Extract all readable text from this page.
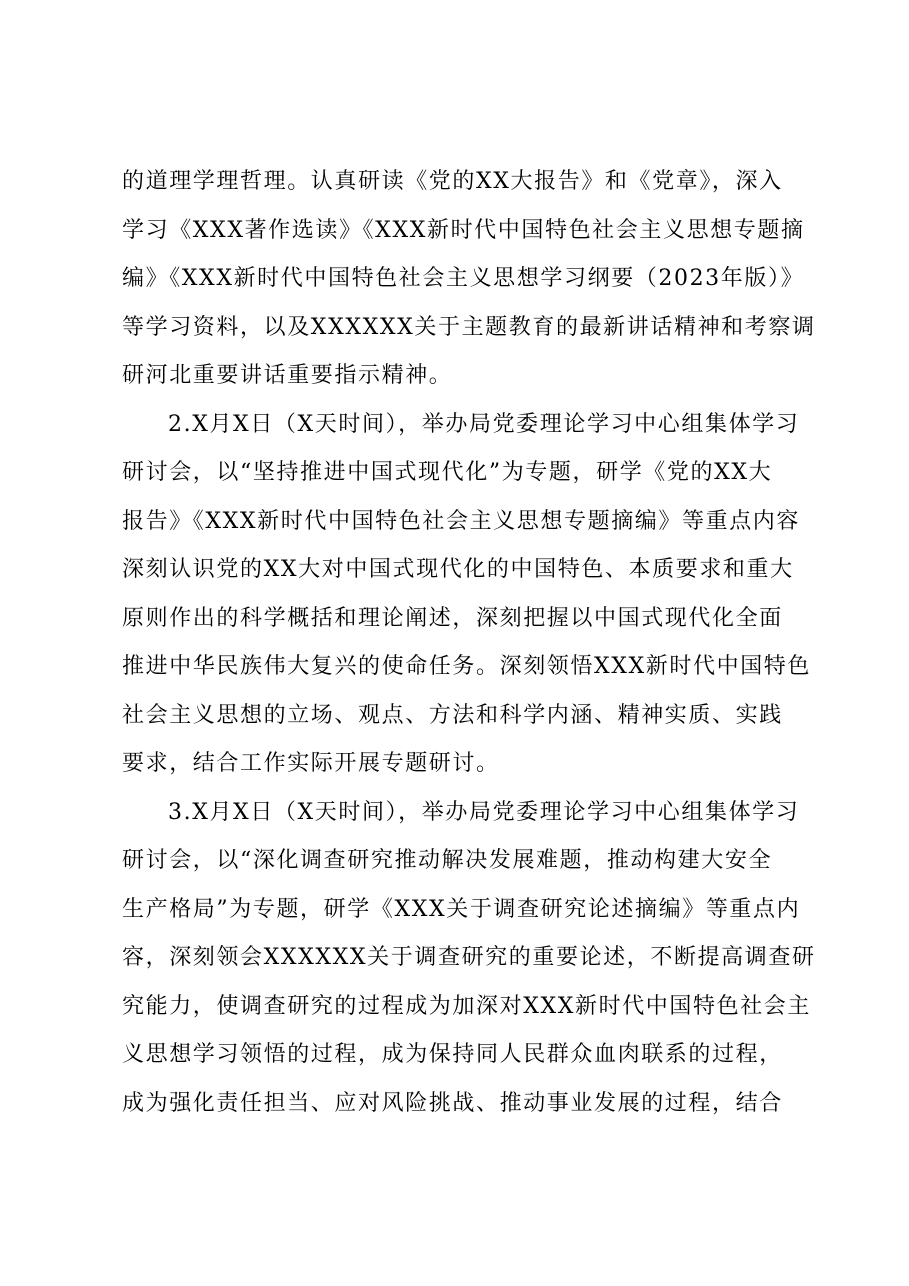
的道理学理哲理。认真研读《党的XX大报告》和《党章》，深入
学习《XXX著作选读》《XXX新时代中国特色社会主义思想专题摘
编》《XXX新时代中国特色社会主义思想学习纲要（2023年版）》
等学习资料，以及XXXXXX关于主题教育的最新讲话精神和考察调
研河北重要讲话重要指示精神。
2.X月X日（X天时间），举办局党委理论学习中心组集体学习
研讨会，以“坚持推进中国式现代化”为专题，研学《党的XX大
报告》《XXX新时代中国特色社会主义思想专题摘编》等重点内容
深刻认识党的XX大对中国式现代化的中国特色、本质要求和重大
原则作出的科学概括和理论阐述，深刻把握以中国式现代化全面
推进中华民族伟大复兴的使命任务。深刻领悟XXX新时代中国特色
社会主义思想的立场、观点、方法和科学内涵、精神实质、实践
要求，结合工作实际开展专题研讨。
3.X月X日（X天时间），举办局党委理论学习中心组集体学习
研讨会，以“深化调查研究推动解决发展难题，推动构建大安全
生产格局”为专题，研学《XXX关于调查研究论述摘编》等重点内
容，深刻领会XXXXXX关于调查研究的重要论述，不断提高调查研
究能力，使调查研究的过程成为加深对XXX新时代中国特色社会主
义思想学习领悟的过程，成为保持同人民群众血肉联系的过程，
成为强化责任担当、应对风险挑战、推动事业发展的过程，结合
